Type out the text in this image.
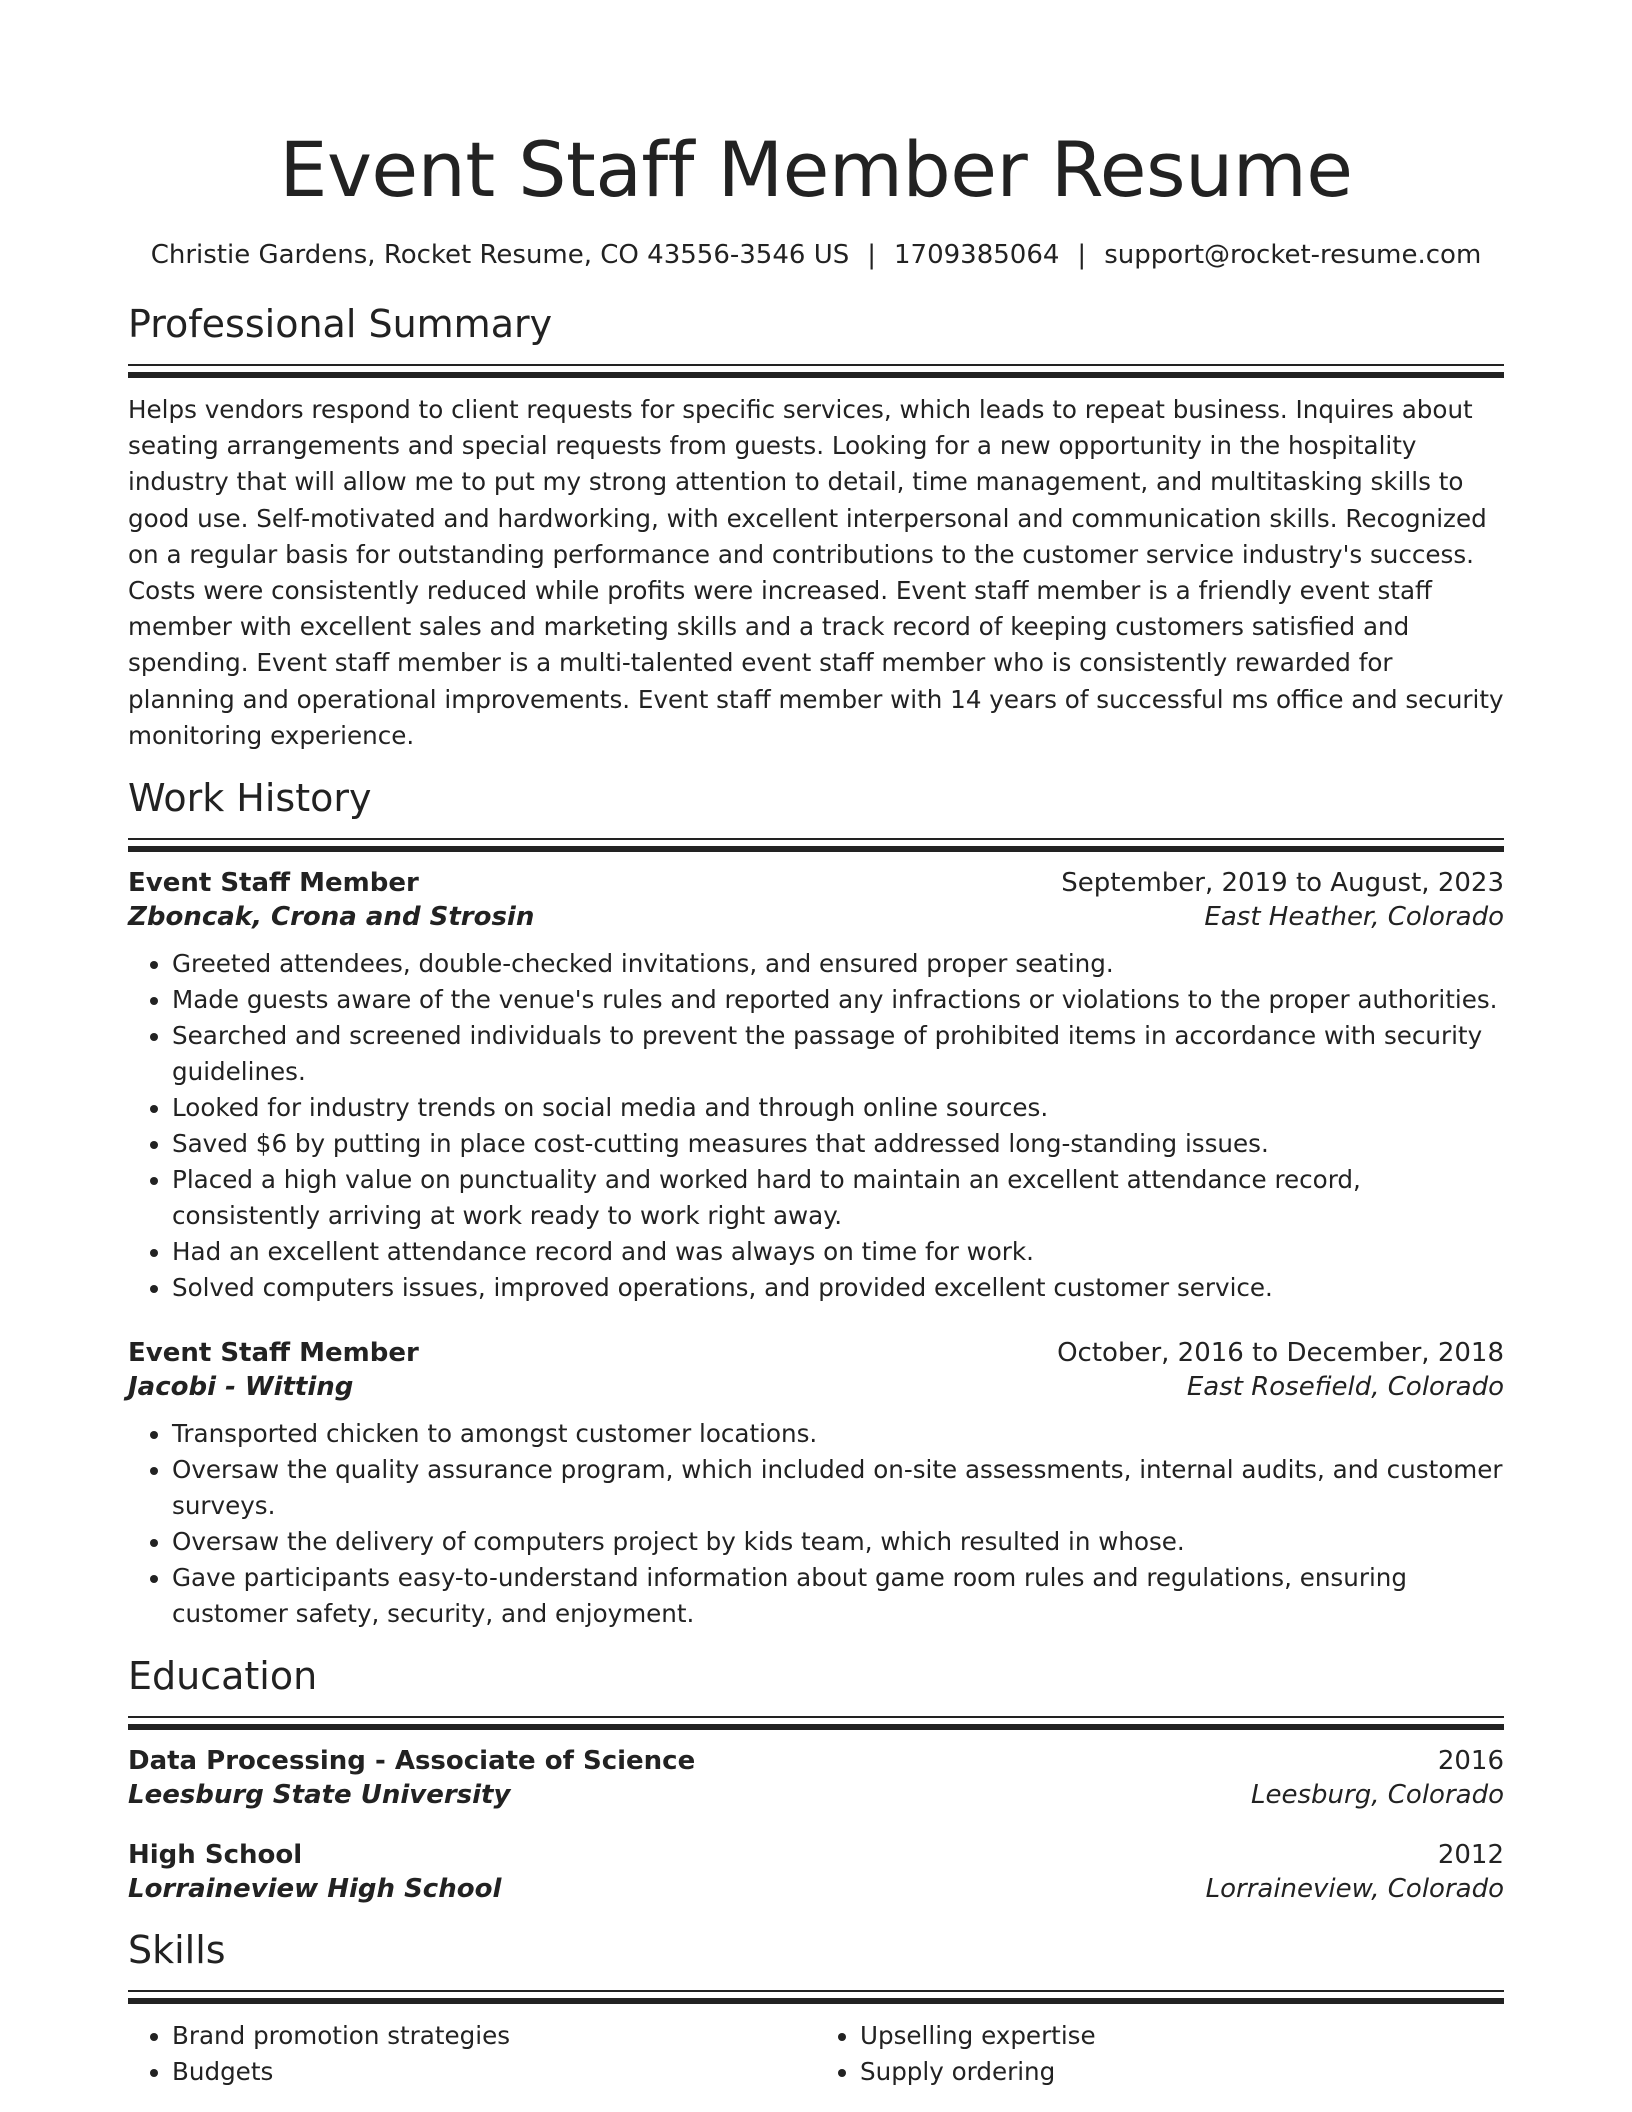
Event Staff Member Resume
Christie Gardens, Rocket Resume, CO 43556-3546 US | 1709385064 | support@rocket-resume.com
Professional Summary
Helps vendors respond to client requests for specific services, which leads to repeat business. Inquires about seating arrangements and special requests from guests. Looking for a new opportunity in the hospitality industry that will allow me to put my strong attention to detail, time management, and multitasking skills to good use. Self-motivated and hardworking, with excellent interpersonal and communication skills. Recognized on a regular basis for outstanding performance and contributions to the customer service industry's success. Costs were consistently reduced while profits were increased. Event staff member is a friendly event staff member with excellent sales and marketing skills and a track record of keeping customers satisfied and spending. Event staff member is a multi-talented event staff member who is consistently rewarded for planning and operational improvements. Event staff member with 14 years of successful ms office and security monitoring experience.
Work History
Event Staff Member	September, 2019 to August, 2023
Zboncak, Crona and Strosin	East Heather, Colorado
• Greeted attendees, double-checked invitations, and ensured proper seating.
• Made guests aware of the venue's rules and reported any infractions or violations to the proper authorities.
• Searched and screened individuals to prevent the passage of prohibited items in accordance with security guidelines.
• Looked for industry trends on social media and through online sources.
• Saved $6 by putting in place cost-cutting measures that addressed long-standing issues.
• Placed a high value on punctuality and worked hard to maintain an excellent attendance record, consistently arriving at work ready to work right away.
• Had an excellent attendance record and was always on time for work.
• Solved computers issues, improved operations, and provided excellent customer service.
Event Staff Member	October, 2016 to December, 2018
Jacobi - Witting	East Rosefield, Colorado
• Transported chicken to amongst customer locations.
• Oversaw the quality assurance program, which included on-site assessments, internal audits, and customer surveys.
• Oversaw the delivery of computers project by kids team, which resulted in whose.
• Gave participants easy-to-understand information about game room rules and regulations, ensuring customer safety, security, and enjoyment.
Education
Data Processing - Associate of Science	2016
Leesburg State University	Leesburg, Colorado
High School	2012
Lorraineview High School	Lorraineview, Colorado
Skills
• Brand promotion strategies
• Budgets
• Upselling expertise
• Supply ordering
